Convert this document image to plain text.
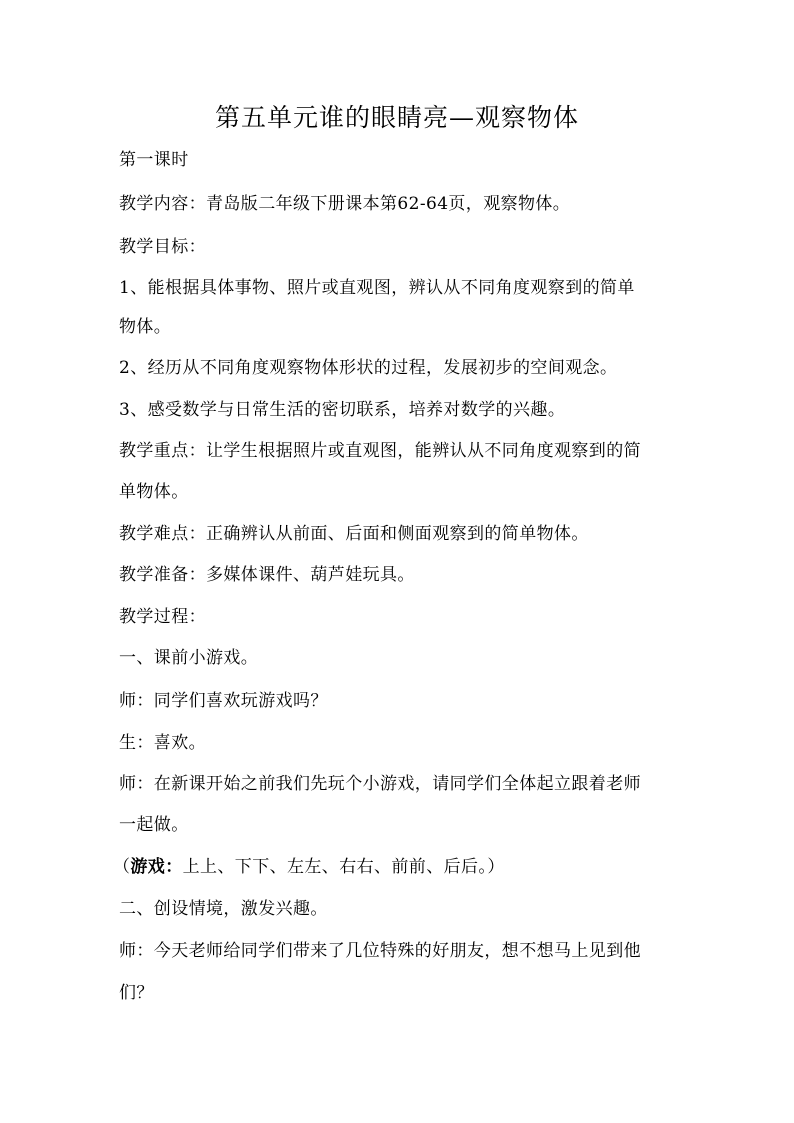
第五单元谁的眼睛亮—观察物体
第一课时
教学内容：青岛版二年级下册课本第62-64页，观察物体。
教学目标：
1、能根据具体事物、照片或直观图，辨认从不同角度观察到的简单
物体。
2、经历从不同角度观察物体形状的过程，发展初步的空间观念。
3、感受数学与日常生活的密切联系，培养对数学的兴趣。
教学重点：让学生根据照片或直观图，能辨认从不同角度观察到的简
单物体。
教学难点：正确辨认从前面、后面和侧面观察到的简单物体。
教学准备：多媒体课件、葫芦娃玩具。
教学过程：
一、课前小游戏。
师：同学们喜欢玩游戏吗？
生：喜欢。
师：在新课开始之前我们先玩个小游戏，请同学们全体起立跟着老师
一起做。
（游戏：上上、下下、左左、右右、前前、后后。）
二、创设情境，激发兴趣。
师：今天老师给同学们带来了几位特殊的好朋友，想不想马上见到他
们？
